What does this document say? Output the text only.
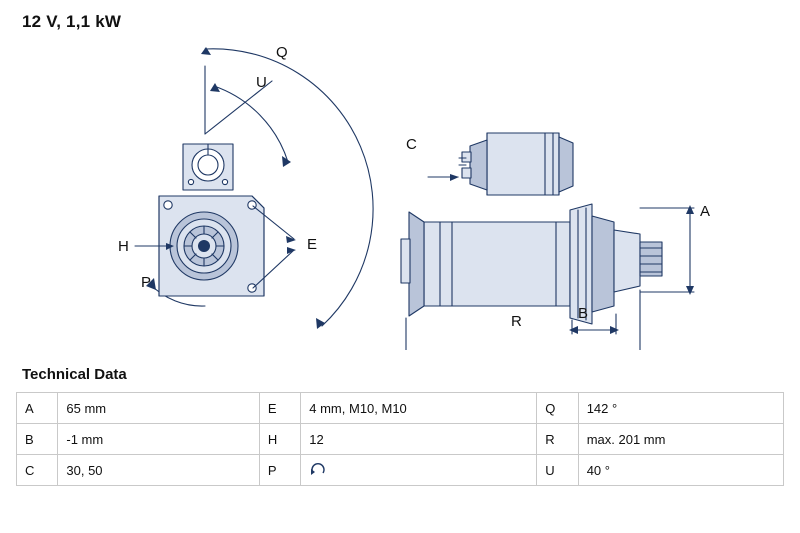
12 V, 1,1 kW
Q
U
E
H
P
C
A
B
R
Technical Data
A	65 mm	E	4 mm, M10, M10	Q	142 °
B	-1 mm	H	12	R	max. 201 mm
C	30, 50	P		U	40 °
